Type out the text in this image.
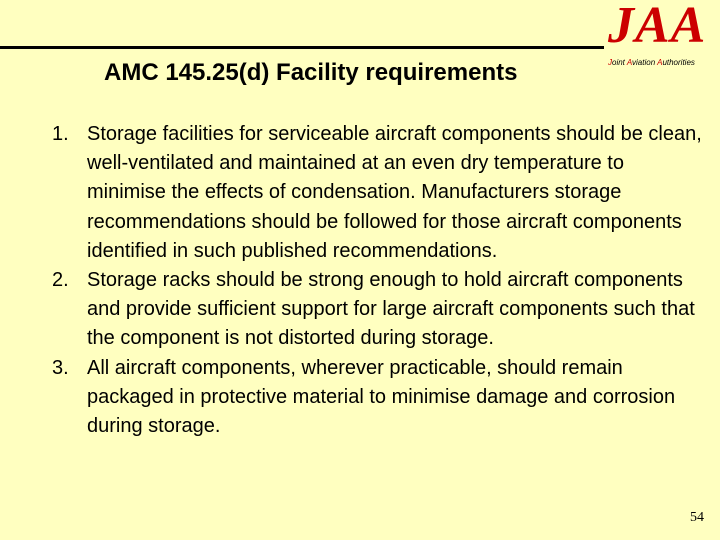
AMC 145.25(d) Facility requirements
JAA
Joint Aviation Authorities
1. Storage facilities for serviceable aircraft components should be clean, well-ventilated and maintained at an even dry temperature to minimise the effects of condensation. Manufacturers storage recommendations should be followed for those aircraft components identified in such published recommendations.
2. Storage racks should be strong enough to hold aircraft components and provide sufficient support for large aircraft components such that the component is not distorted during storage.
3. All aircraft components, wherever practicable, should remain packaged in protective material to minimise damage and corrosion during storage.
54
